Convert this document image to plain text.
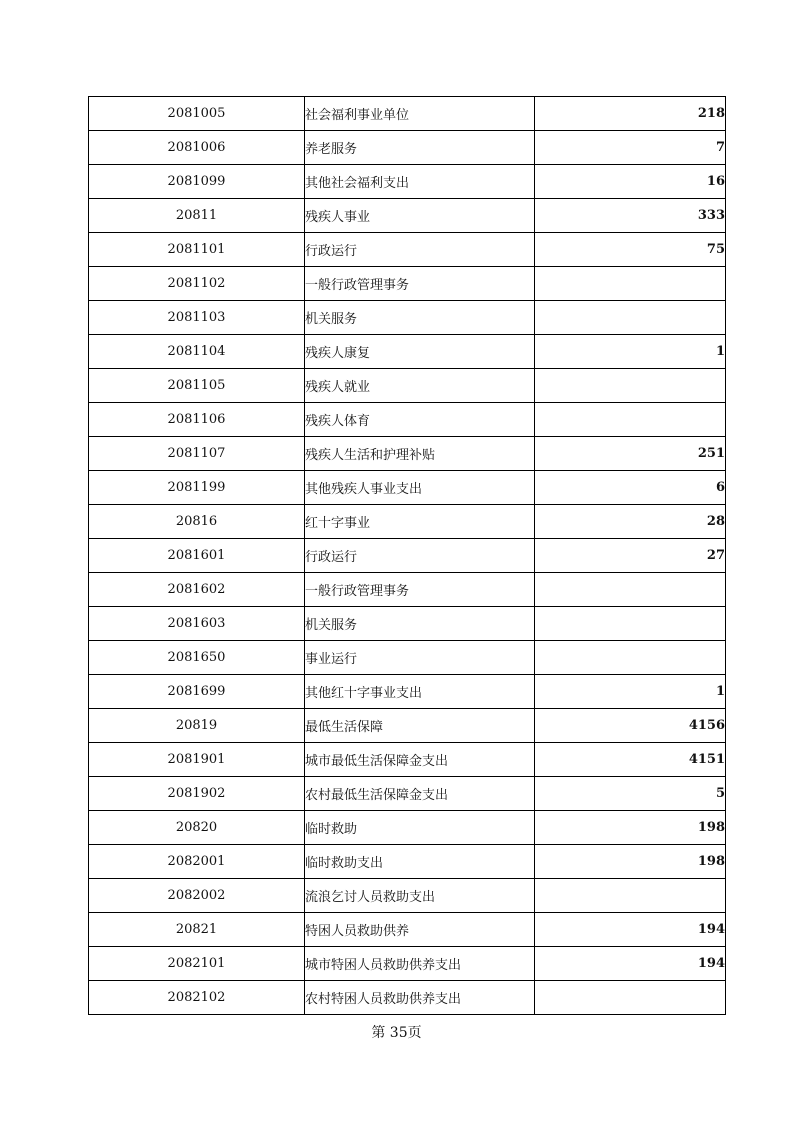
2081005	社会福利事业单位	218
2081006	养老服务	7
2081099	其他社会福利支出	16
20811	残疾人事业	333
2081101	行政运行	75
2081102	一般行政管理事务	
2081103	机关服务	
2081104	残疾人康复	1
2081105	残疾人就业	
2081106	残疾人体育	
2081107	残疾人生活和护理补贴	251
2081199	其他残疾人事业支出	6
20816	红十字事业	28
2081601	行政运行	27
2081602	一般行政管理事务	
2081603	机关服务	
2081650	事业运行	
2081699	其他红十字事业支出	1
20819	最低生活保障	4156
2081901	城市最低生活保障金支出	4151
2081902	农村最低生活保障金支出	5
20820	临时救助	198
2082001	临时救助支出	198
2082002	流浪乞讨人员救助支出	
20821	特困人员救助供养	194
2082101	城市特困人员救助供养支出	194
2082102	农村特困人员救助供养支出	
第 35页
